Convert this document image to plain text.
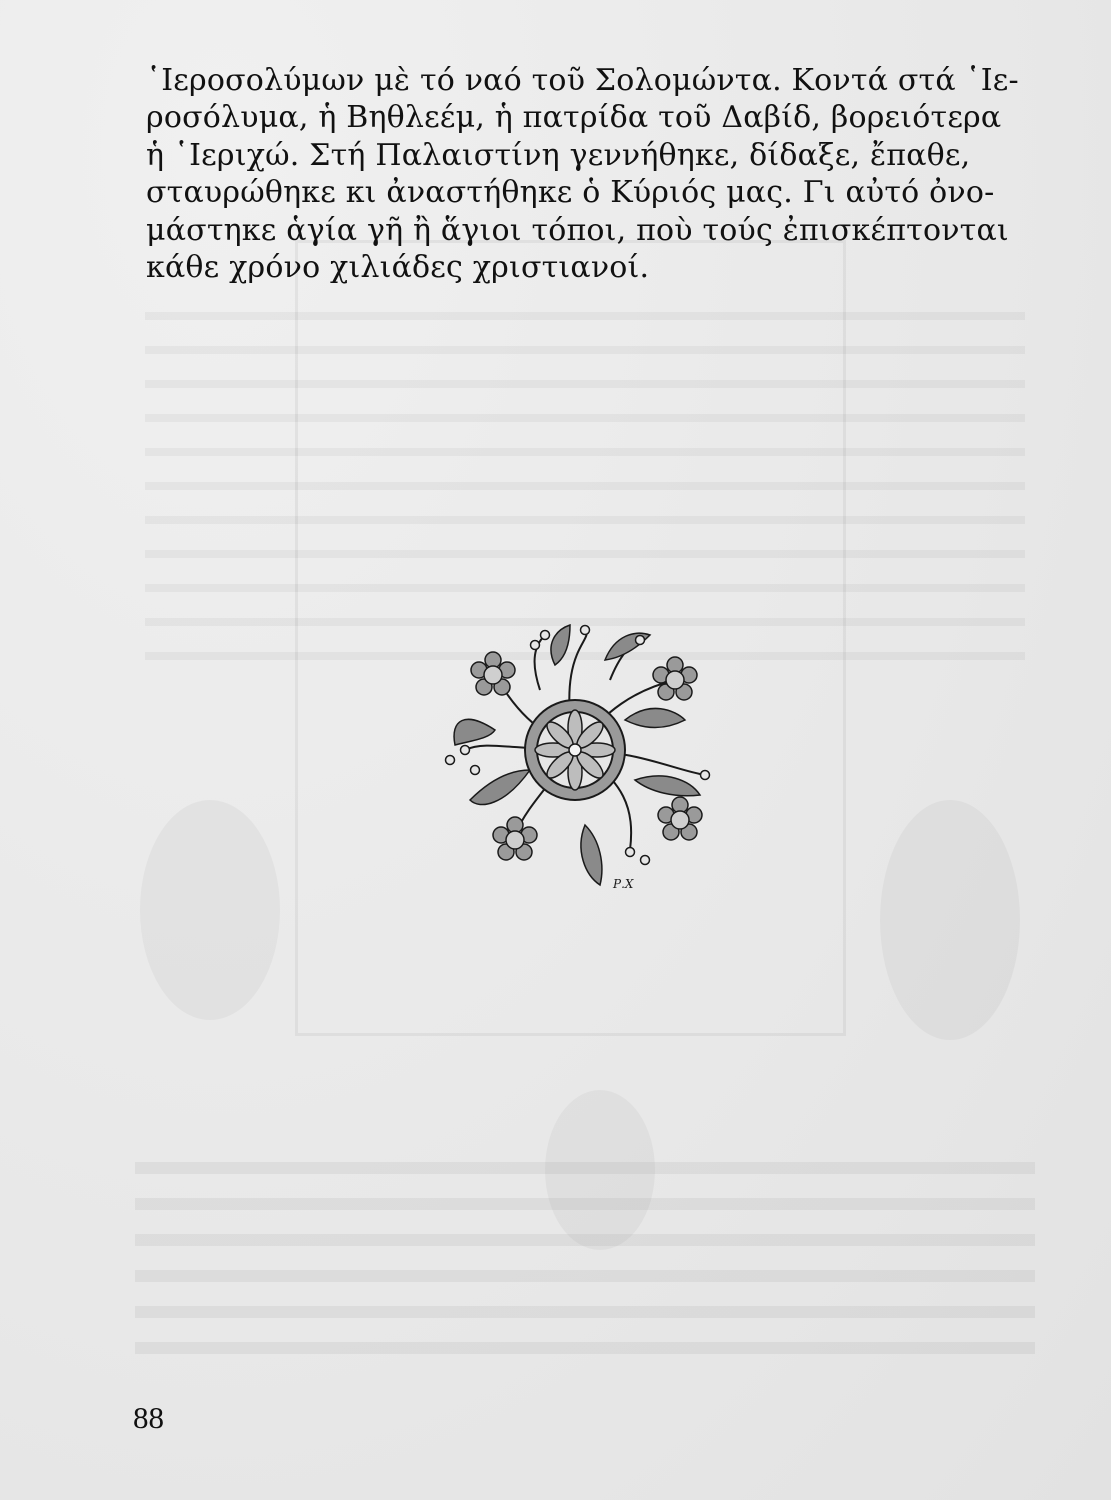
῾Ιεροσολύμων μὲ τό ναό τοῦ Σολομώντα. Κοντά στά ῾Ιε-
ροσόλυμα, ἡ Βηθλεέμ, ἡ πατρίδα τοῦ Δαβίδ, βορειότερα
ἡ ῾Ιεριχώ. Στή Παλαιστίνη γεννήθηκε, δίδαξε, ἔπαθε,
σταυρώθηκε κι ἀναστήθηκε ὁ Κύριός μας. Γι αὐτό ὀνο-
μάστηκε ἁγία γῆ ἢ ἅγιοι τόποι, ποὺ τούς ἐπισκέπτονται
κάθε χρόνο χιλιάδες χριστιανοί.
Ρ.Χ
88
